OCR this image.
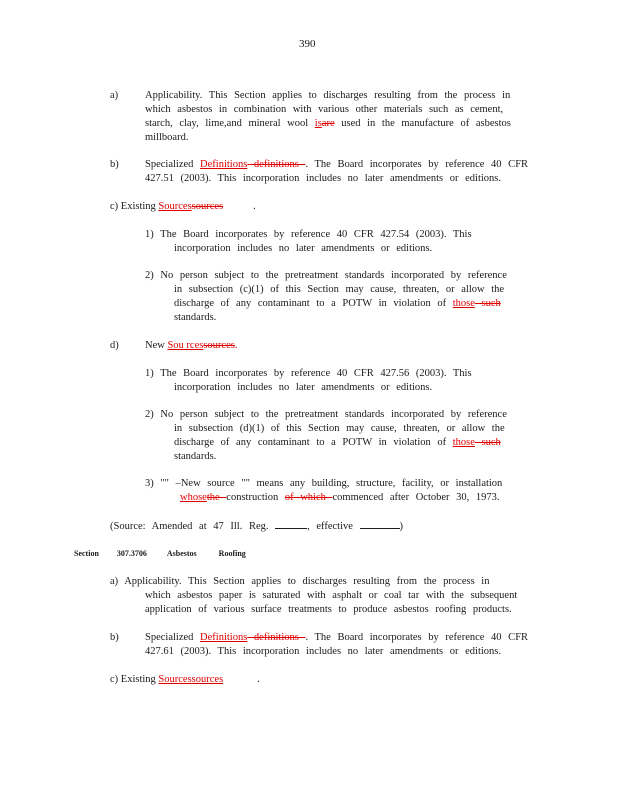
390
a)	Applicability. This Section applies to discharges resulting from the process in
which asbestos in combination with various other materials such as cement,
starch, clay, lime,and mineral wool isare used in the manufacture of asbestos
millboard.
b)	Specialized Definitions definitions . The Board incorporates by reference 40 CFR
427.51 (2003). This incorporation includes no later amendments or editions.
c) Existing Sourcessources	.
1) The Board incorporates by reference 40 CFR 427.54 (2003). This
incorporation includes no later amendments or editions.
2) No person subject to the pretreatment standards incorporated by reference
in subsection (c)(1) of this Section may cause, threaten, or allow the
discharge of any contaminant to a POTW in violation of those such
standards.
d)	New Sou rcessources.
1) The Board incorporates by reference 40 CFR 427.56 (2003). This
incorporation includes no later amendments or editions.
2) No person subject to the pretreatment standards incorporated by reference
in subsection (d)(1) of this Section may cause, threaten, or allow the
discharge of any contaminant to a POTW in violation of those such
standards.
3) "" –New source "" means any building, structure, facility, or installation
whosethe construction of which commenced after October 30, 1973.
(Source: Amended at 47 Ill. Reg.	, effective	)
Section 307.3706	Asbestos	Roofing
a) Applicability. This Section applies to discharges resulting from the process in
which asbestos paper is saturated with asphalt or coal tar with the subsequent
application of various surface treatments to produce asbestos roofing products.
b)	Specialized Definitions definitions . The Board incorporates by reference 40 CFR
427.61 (2003). This incorporation includes no later amendments or editions.
c) Existing Sourcessources	.
